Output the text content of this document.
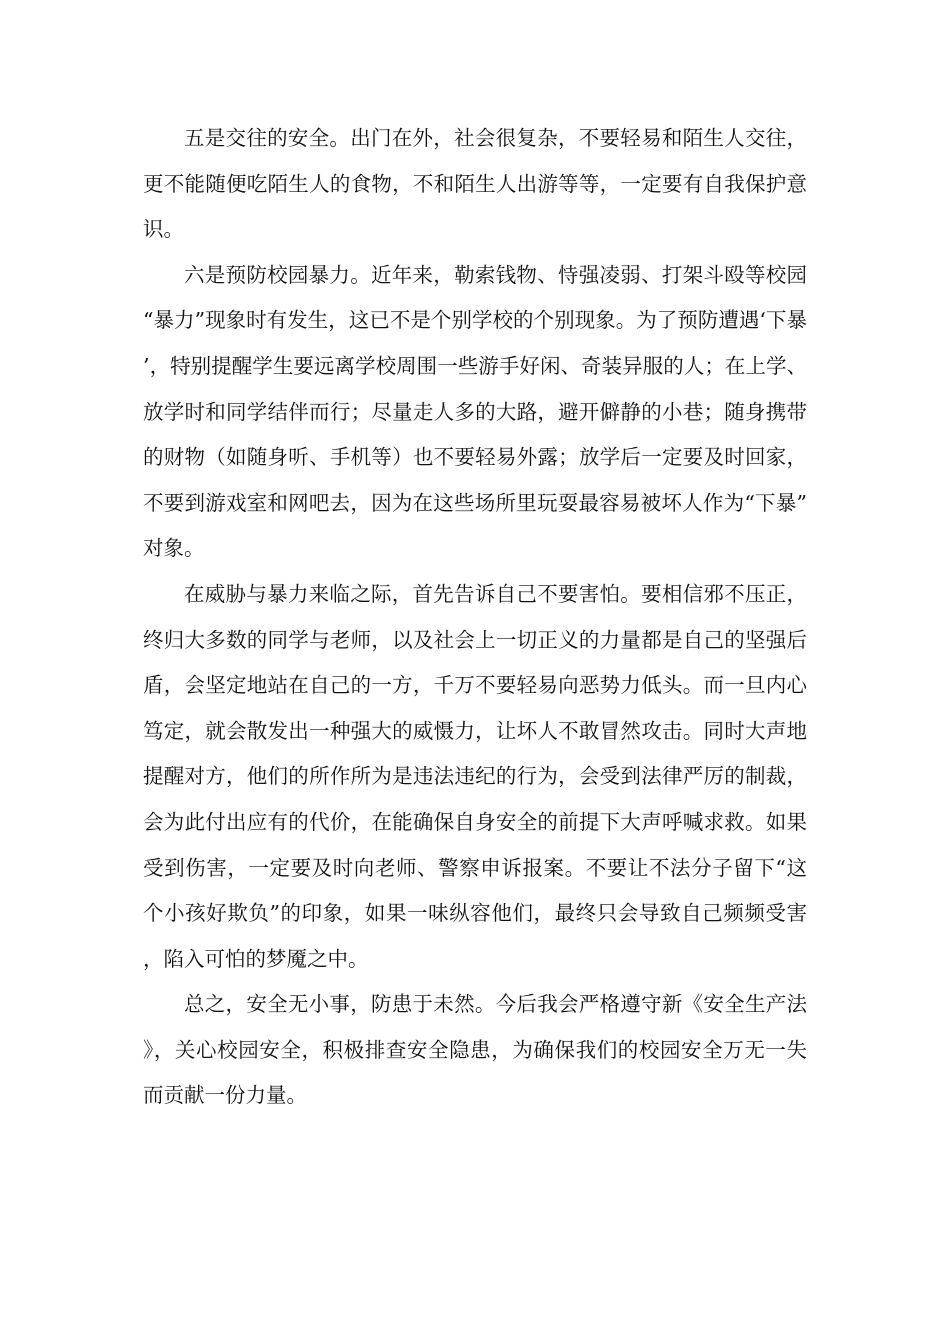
五是交往的安全。出门在外，社会很复杂，不要轻易和陌生人交往，更不能随便吃陌生人的食物，不和陌生人出游等等，一定要有自我保护意识。

六是预防校园暴力。近年来，勒索钱物、恃强凌弱、打架斗殴等校园“暴力”现象时有发生，这已不是个别学校的个别现象。为了预防遭遇‘下暴’，特别提醒学生要远离学校周围一些游手好闲、奇装异服的人；在上学、放学时和同学结伴而行；尽量走人多的大路，避开僻静的小巷；随身携带的财物（如随身听、手机等）也不要轻易外露；放学后一定要及时回家，不要到游戏室和网吧去，因为在这些场所里玩耍最容易被坏人作为“下暴”对象。

在威胁与暴力来临之际，首先告诉自己不要害怕。要相信邪不压正，终归大多数的同学与老师，以及社会上一切正义的力量都是自己的坚强后盾，会坚定地站在自己的一方，千万不要轻易向恶势力低头。而一旦内心笃定，就会散发出一种强大的威慑力，让坏人不敢冒然攻击。同时大声地提醒对方，他们的所作所为是违法违纪的行为，会受到法律严厉的制裁，会为此付出应有的代价，在能确保自身安全的前提下大声呼喊求救。如果受到伤害，一定要及时向老师、警察申诉报案。不要让不法分子留下“这个小孩好欺负”的印象，如果一味纵容他们，最终只会导致自己频频受害，陷入可怕的梦魇之中。

总之，安全无小事，防患于未然。今后我会严格遵守新《安全生产法》，关心校园安全，积极排查安全隐患，为确保我们的校园安全万无一失而贡献一份力量。
